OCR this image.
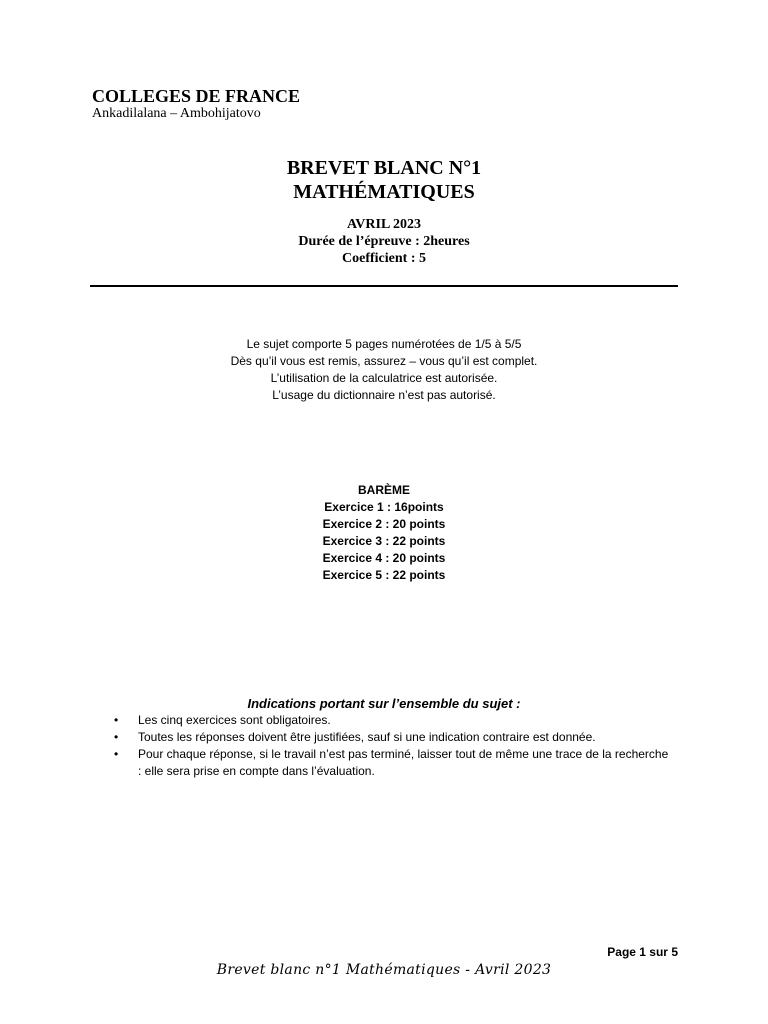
COLLEGES DE FRANCE
Ankadilalana – Ambohijatovo
BREVET BLANC N°1
MATHÉMATIQUES
AVRIL 2023
Durée de l’épreuve : 2heures
Coefficient : 5
Le sujet comporte 5 pages numérotées de 1/5 à 5/5
Dès qu’il vous est remis, assurez – vous qu’il est complet.
L’utilisation de la calculatrice est autorisée.
L’usage du dictionnaire n’est pas autorisé.
BARÈME
Exercice 1 : 16points
Exercice 2 : 20 points
Exercice 3 : 22 points
Exercice 4 : 20 points
Exercice 5 : 22 points
Indications portant sur l’ensemble du sujet :
• Les cinq exercices sont obligatoires.
• Toutes les réponses doivent être justifiées, sauf si une indication contraire est donnée.
• Pour chaque réponse, si le travail n’est pas terminé, laisser tout de même une trace de la recherche : elle sera prise en compte dans l’évaluation.
Page 1 sur 5
Brevet blanc n°1 Mathématiques - Avril 2023
